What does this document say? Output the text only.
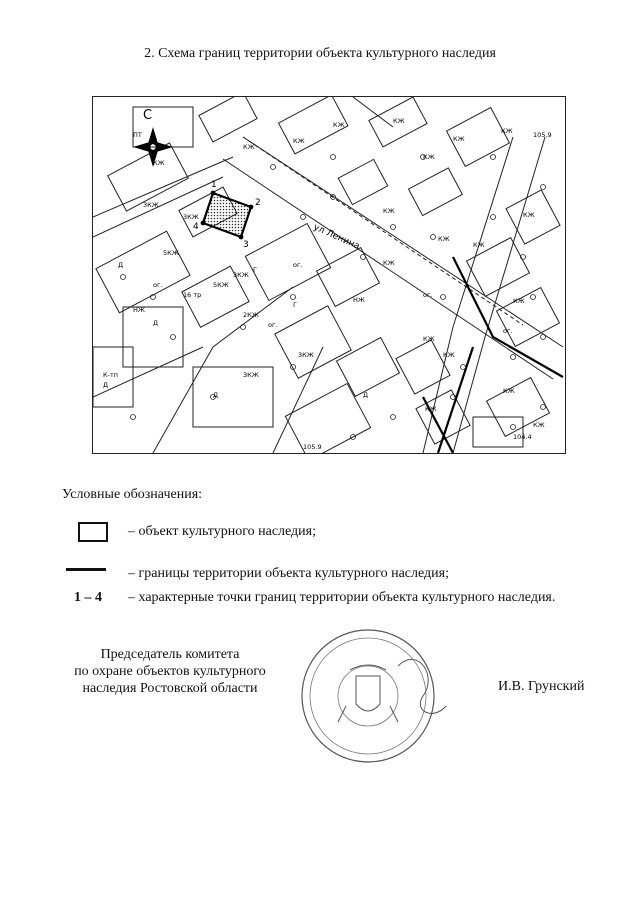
2. Схема границ территории объекта культурного наследия
1
2
3
4
С
ул Ленина
ПТ
КЖ
КЖ
КЖ
КЖ	КЖ
КЖ
КЖ
КЖ
КЖ
КЖ
КЖ
КЖ
КЖ
КЖ
КЖ
КЖ
КЖ
КЖ
КЖ
3КЖ
3КЖ
3КЖ
5КЖ
5КЖ
2КЖ
3КЖ
ЗКЖ
105.9
105.9
104.4
Д
Д
Д
Д	Д
Г
Г
16 тр
К-тп
НЖ
НЖ
ог.
ог.
ог.
ог.
ог.
Условные обозначения:
– объект культурного наследия;
– границы территории объекта культурного наследия;
1 – 4 – характерные точки границ территории объекта культурного наследия.
Председатель комитета
по охране объектов культурного
наследия Ростовской области	И.В. Грунский
